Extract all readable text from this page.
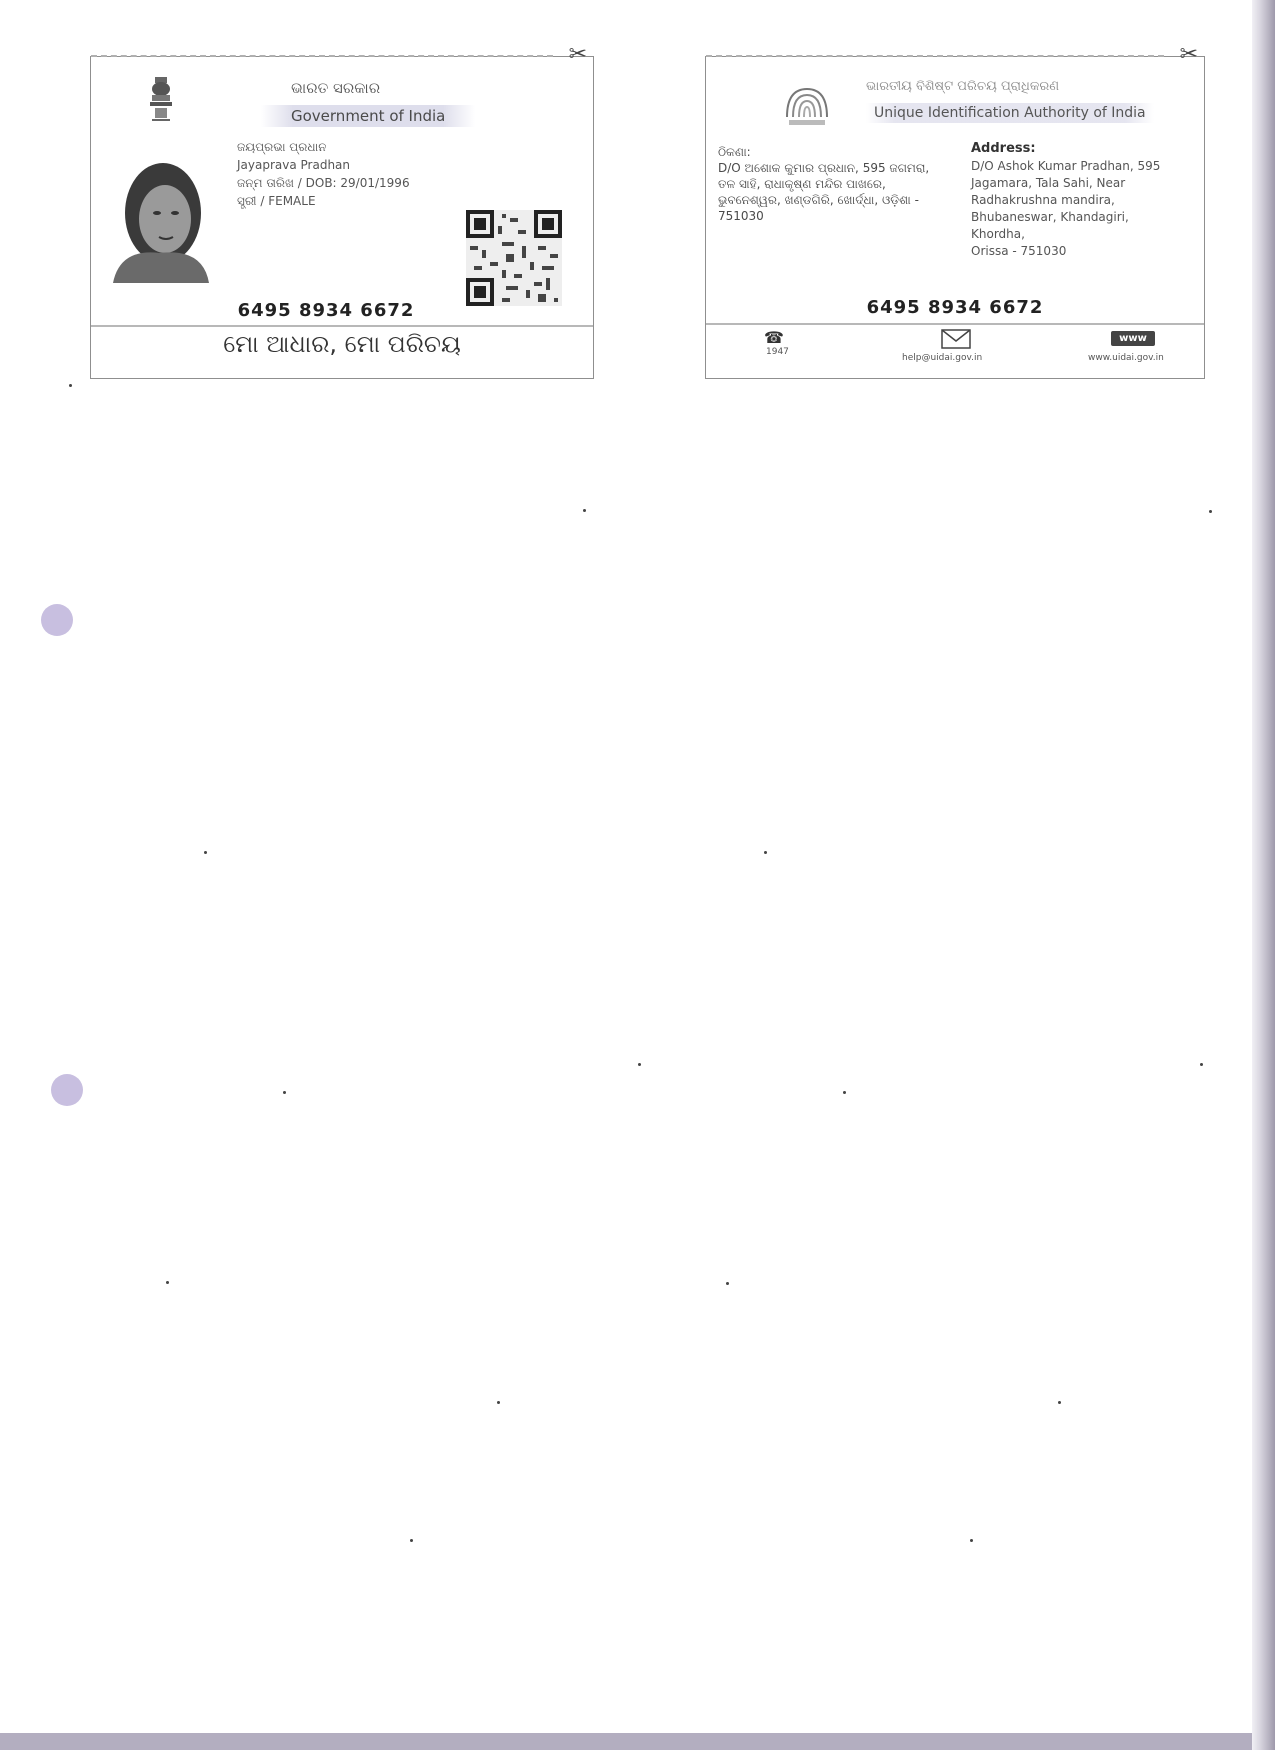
✂
ଭାରତ ସରକାର
Government of India
ଜୟପ୍ରଭା ପ୍ରଧାନ
Jayaprava Pradhan
ଜନ୍ମ ତାରିଖ / DOB: 29/01/1996
ସ୍ତ୍ରୀ / FEMALE
6495 8934 6672
ମୋ ଆଧାର, ମୋ ପରିଚୟ
✂
ଭାରତୀୟ ବିଶିଷ୍ଟ ପରିଚୟ ପ୍ରାଧିକରଣ
Unique Identification Authority of India
ଠିକଣା:
D/O ଅଶୋକ କୁମାର ପ୍ରଧାନ, 595 ଜଗମରା, ତଳ ସାହି, ରାଧାକୃଷ୍ଣ ମନ୍ଦିର ପାଖରେ, ଭୁବନେଶ୍ୱର, ଖଣ୍ଡଗିରି, ଖୋର୍ଦ୍ଧା, ଓଡ଼ିଶା - 751030
Address:
D/O Ashok Kumar Pradhan, 595
Jagamara, Tala Sahi, Near
Radhakrushna mandira,
Bhubaneswar, Khandagiri,
Khordha,
Orissa - 751030
6495 8934 6672
☎
1947
help@uidai.gov.in
www
www.uidai.gov.in
